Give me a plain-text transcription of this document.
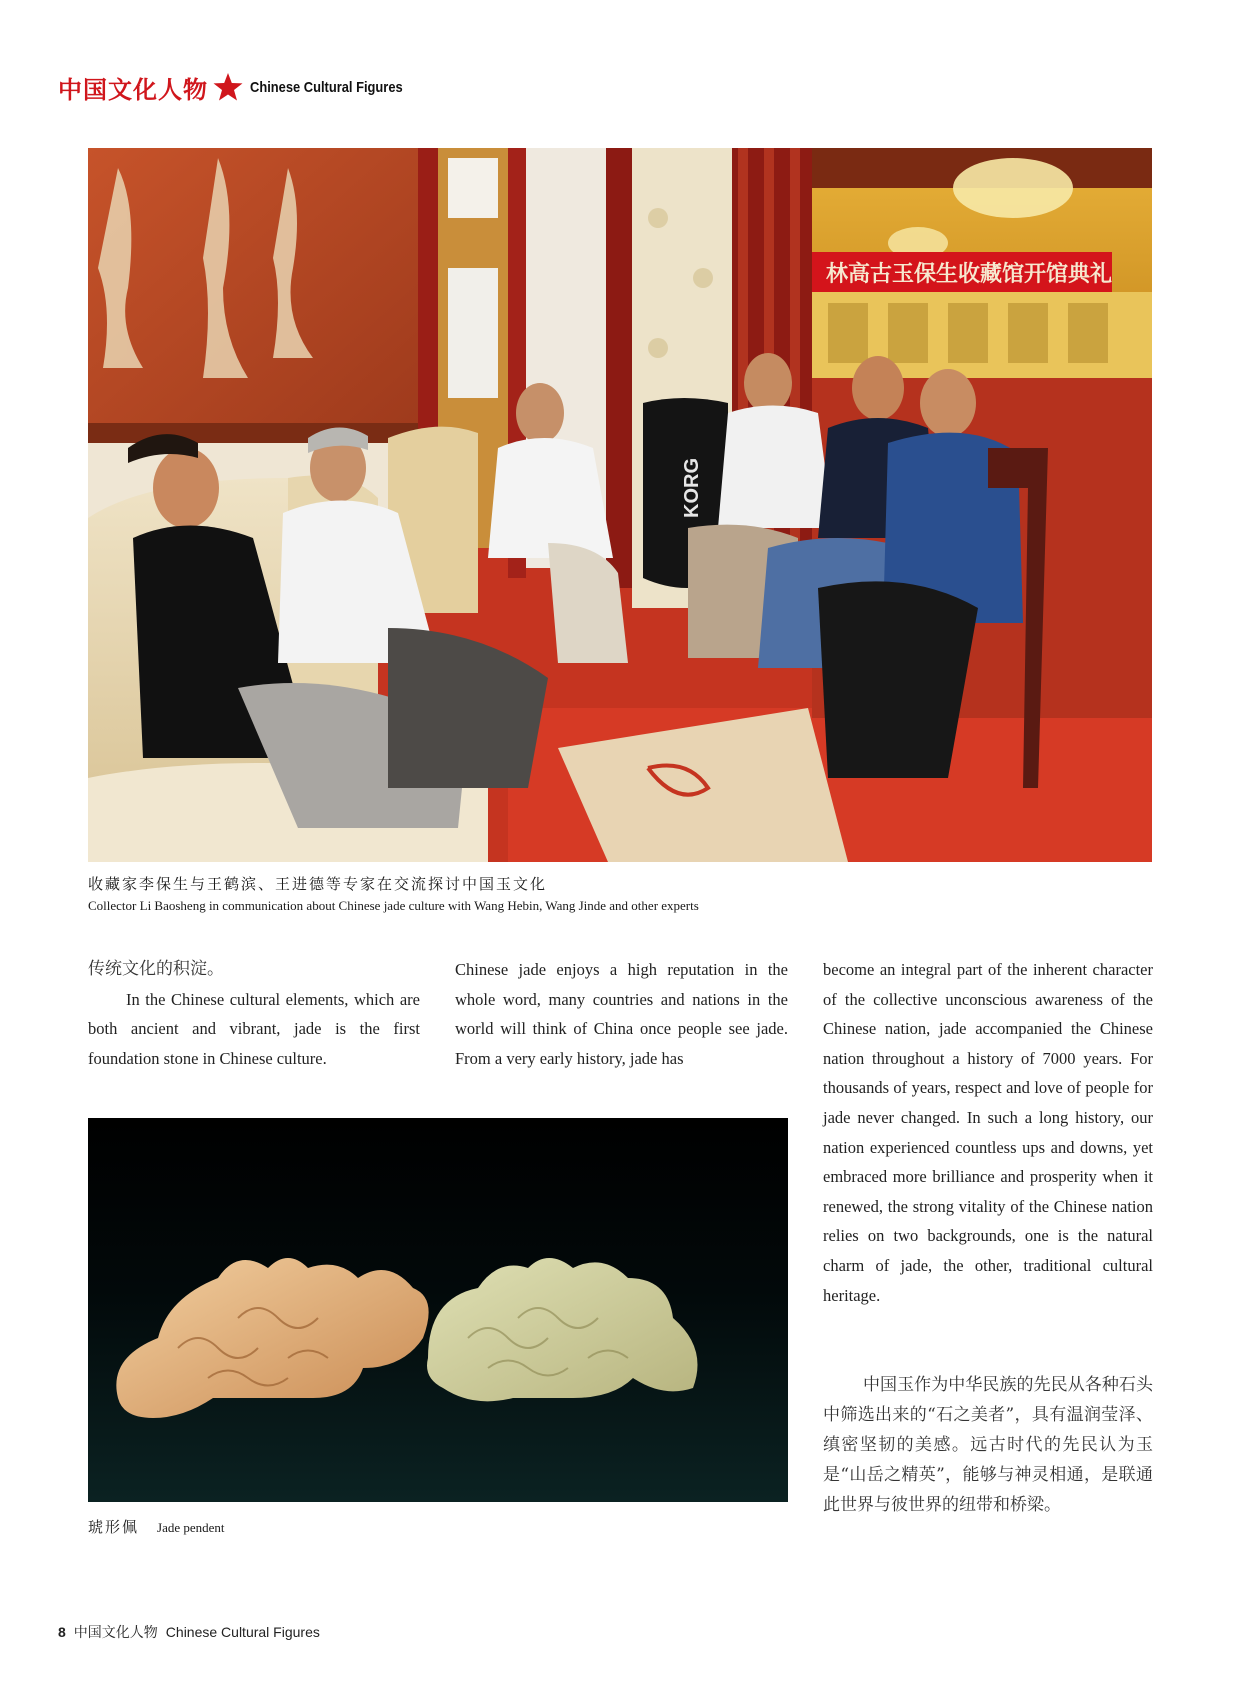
中国文化人物	Chinese Cultural Figures
林高古玉保生收藏馆开馆典礼
KORG
收藏家李保生与王鹤滨、王进德等专家在交流探讨中国玉文化
Collector Li Baosheng in communication about Chinese jade culture with Wang Hebin, Wang Jinde and other experts

传统文化的积淀。

In the Chinese cultural elements, which are both ancient and vibrant, jade is the first foundation stone in Chinese culture.

Chinese jade enjoys a high reputation in the whole word, many countries and nations in the world will think of China once people see jade. From a very early history, jade has

become an integral part of the inherent character of the collective unconscious awareness of the Chinese nation, jade accompanied the Chinese nation throughout a history of 7000 years. For thousands of years, respect and love of people for jade never changed. In such a long history, our nation experienced countless ups and downs, yet embraced more brilliance and prosperity when it renewed, the strong vitality of the Chinese nation relies on two backgrounds, one is the natural charm of jade, the other, traditional cultural heritage.

中国玉作为中华民族的先民从各种石头中筛选出来的“石之美者”，具有温润莹泽、缜密坚韧的美感。远古时代的先民认为玉是“山岳之精英”，能够与神灵相通，是联通此世界与彼世界的纽带和桥梁。

琥形佩 Jade pendent
8 中国文化人物 Chinese Cultural Figures
